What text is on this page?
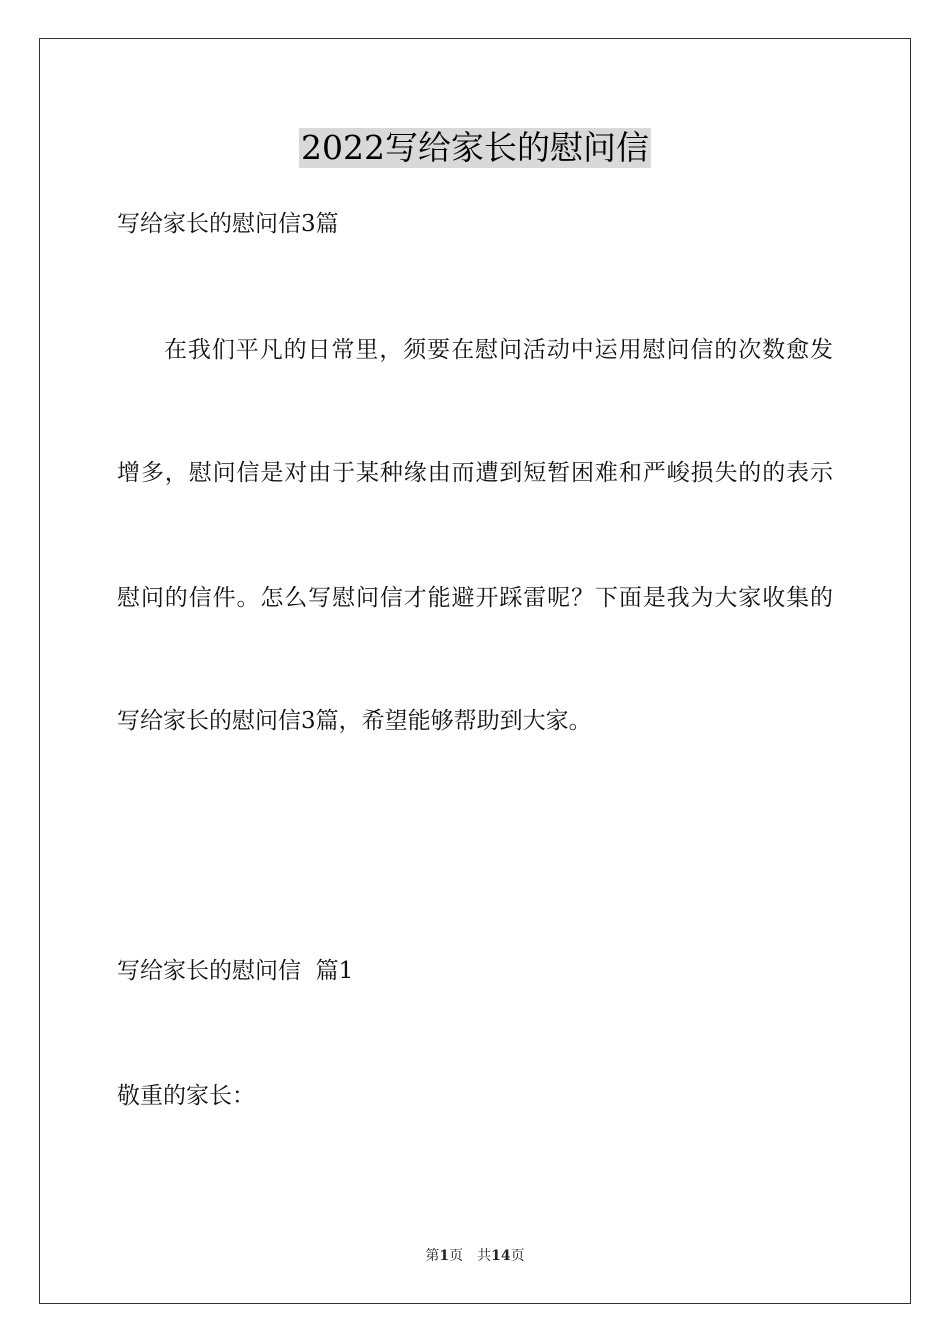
2022写给家长的慰问信
写给家长的慰问信3篇
在我们平凡的日常里，须要在慰问活动中运用慰问信的次数愈发
增多，慰问信是对由于某种缘由而遭到短暂困难和严峻损失的的表示
慰问的信件。怎么写慰问信才能避开踩雷呢？下面是我为大家收集的
写给家长的慰问信3篇，希望能够帮助到大家。
写给家长的慰问信  篇1
敬重的家长：
第1页 共14页
